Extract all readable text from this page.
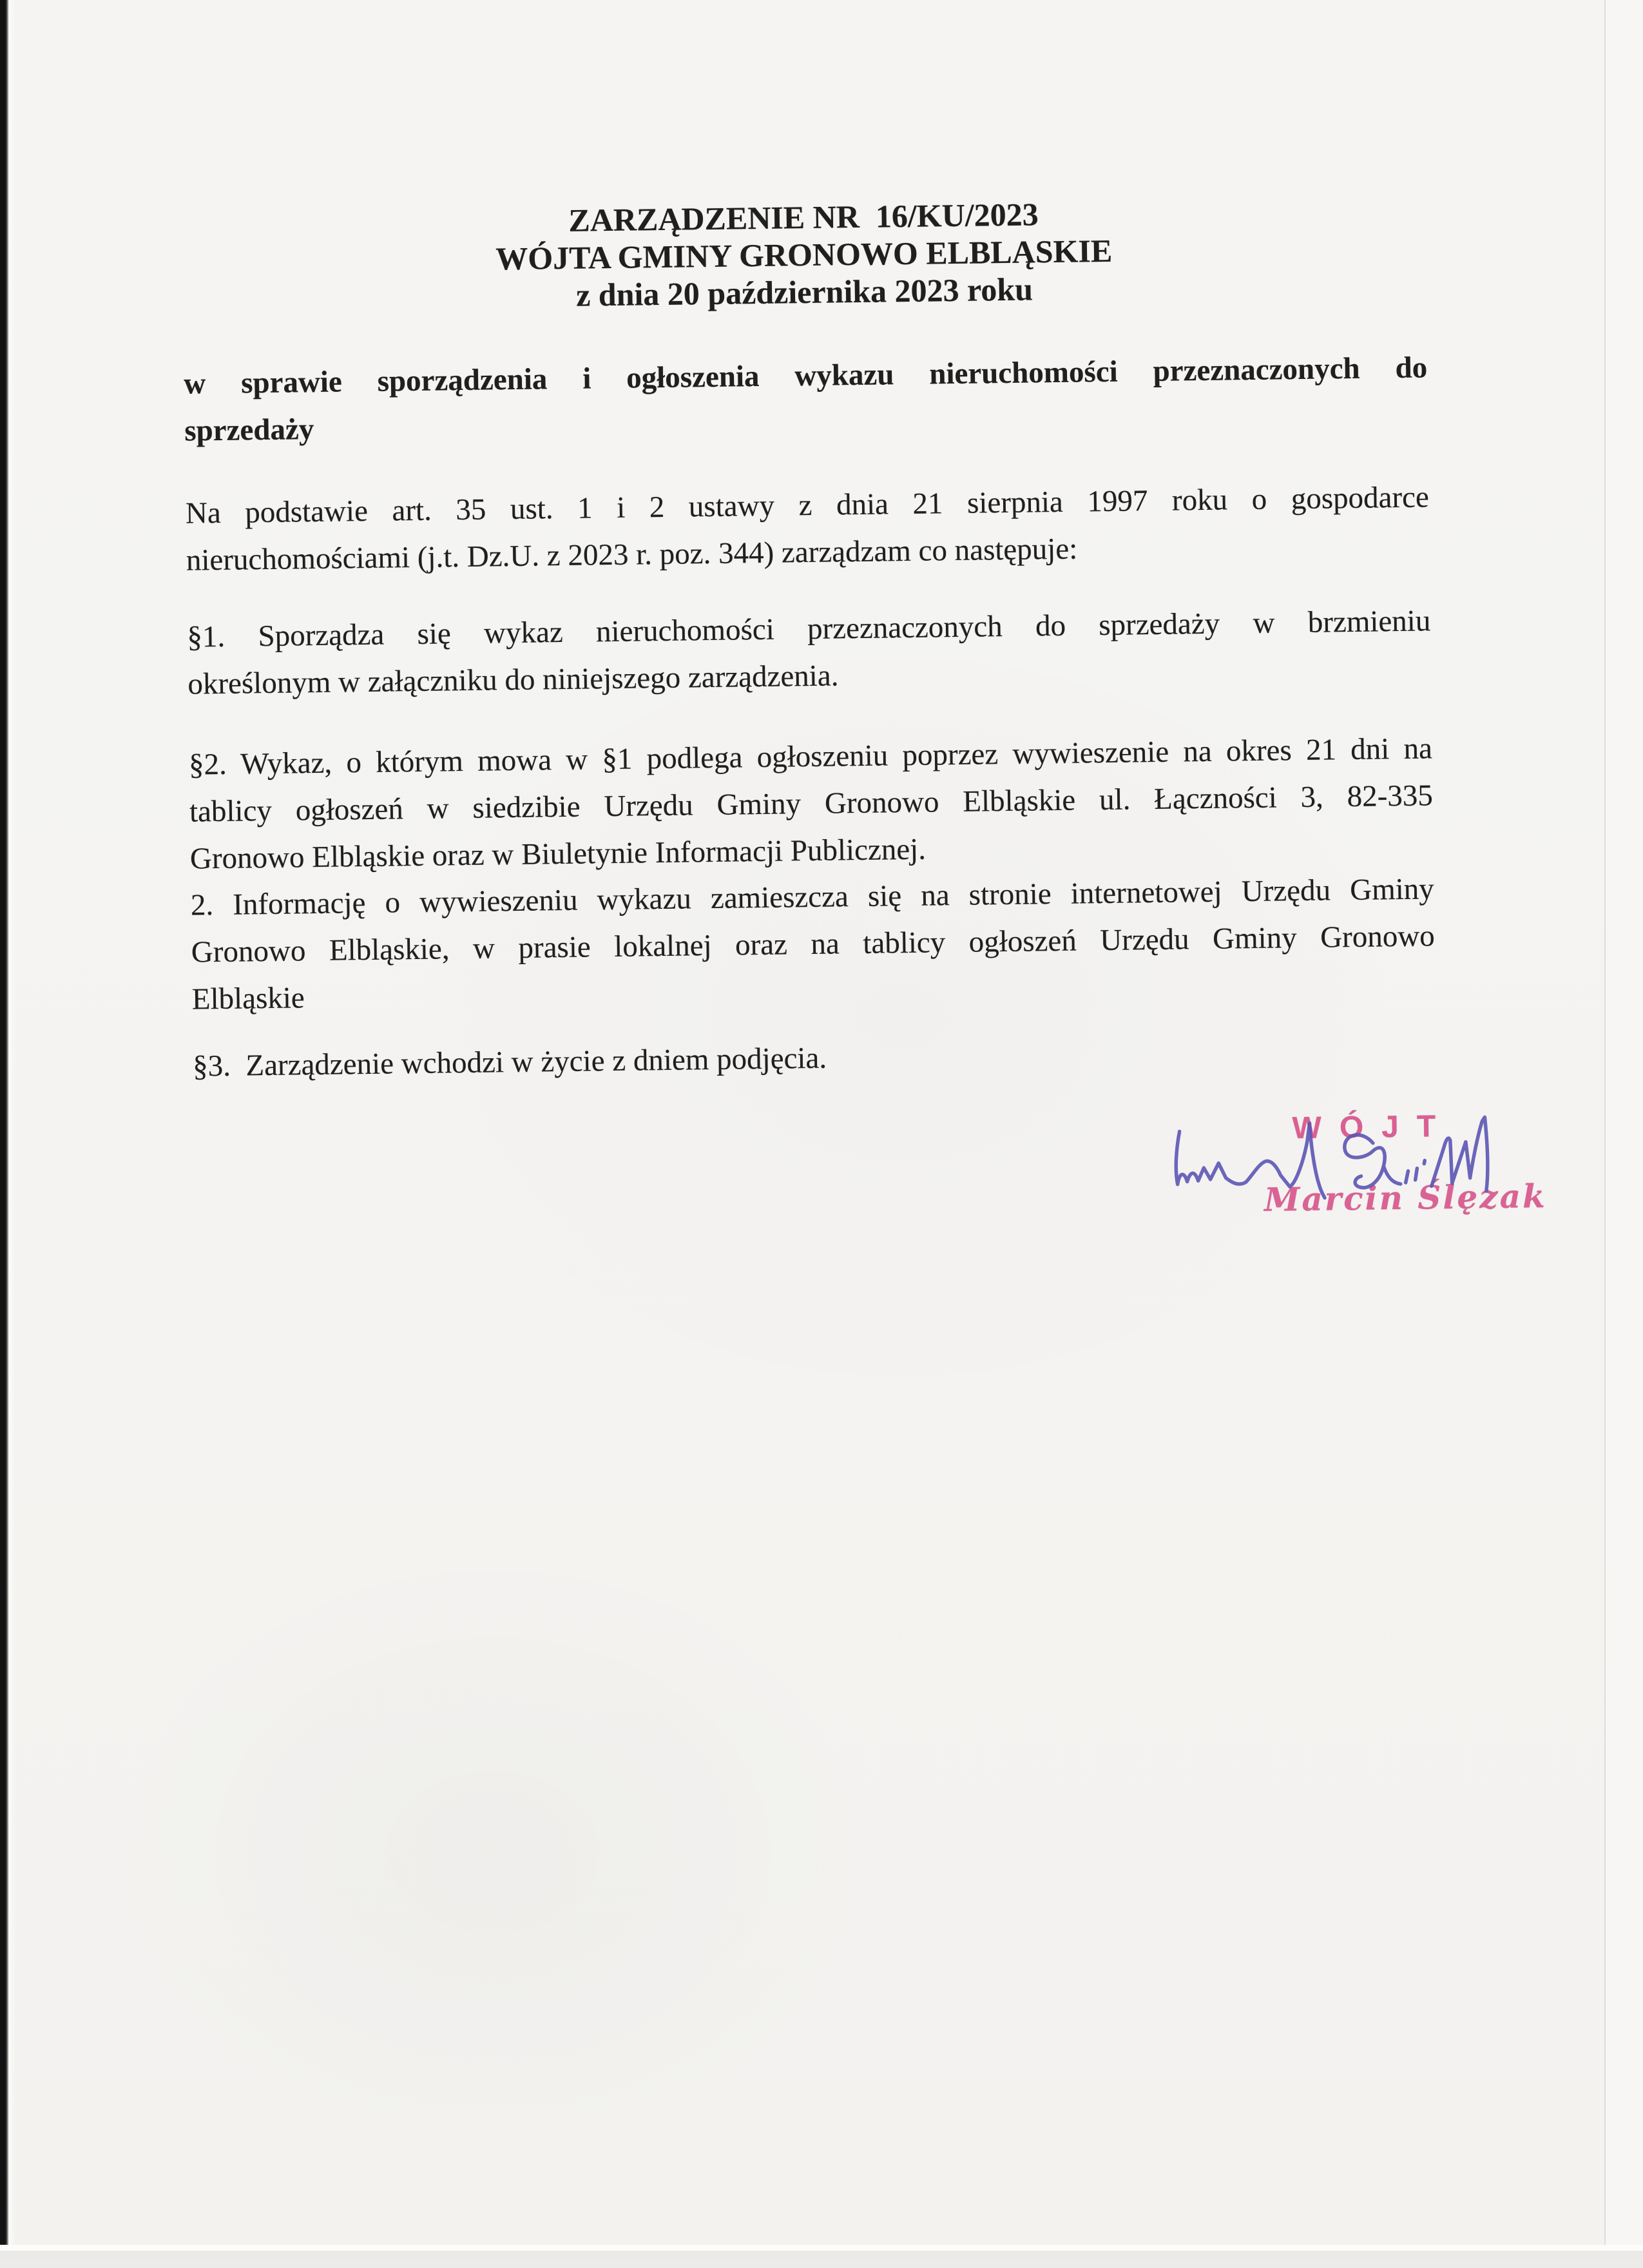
ZARZĄDZENIE NR  16/KU/2023
WÓJTA GMINY GRONOWO ELBLĄSKIE
z dnia 20 października 2023 roku
w sprawie sporządzenia i ogłoszenia wykazu nieruchomości przeznaczonych do
sprzedaży
Na podstawie art. 35 ust. 1 i 2 ustawy z dnia 21 sierpnia 1997 roku o gospodarce
nieruchomościami (j.t. Dz.U. z 2023 r. poz. 344) zarządzam co następuje:
§1. Sporządza się wykaz nieruchomości przeznaczonych do sprzedaży w brzmieniu
określonym w załączniku do niniejszego zarządzenia.
§2. Wykaz, o którym mowa w §1 podlega ogłoszeniu poprzez wywieszenie na okres 21 dni na
tablicy ogłoszeń w siedzibie Urzędu Gminy Gronowo Elbląskie ul. Łączności 3, 82-335
Gronowo Elbląskie oraz w Biuletynie Informacji Publicznej.
2. Informację o wywieszeniu wykazu zamieszcza się na stronie internetowej Urzędu Gminy
Gronowo Elbląskie, w prasie lokalnej oraz na tablicy ogłoszeń Urzędu Gminy Gronowo
Elbląskie
§3.  Zarządzenie wchodzi w życie z dniem podjęcia.
WÓJT
Marcin Ślęzak
